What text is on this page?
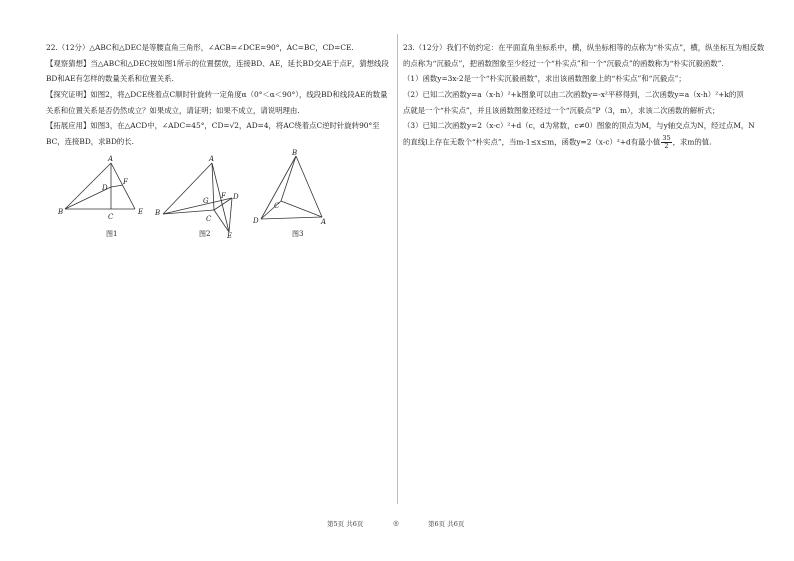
22.（12分）△ABC和△DEC是等腰直角三角形，∠ACB=∠DCE=90°，AC=BC，CD=CE.

【观察猜想】当△ABC和△DEC按如图1所示的位置摆放，连接BD、AE，延长BD交AE于点F，猜想线段

BD和AE有怎样的数量关系和位置关系.

【探究证明】如图2，将△DCE绕着点C顺时针旋转一定角度α（0°＜α＜90°），线段BD和线段AE的数量

关系和位置关系是否仍然成立？如果成立，请证明；如果不成立，请说明理由.

【拓展应用】如图3，在△ACD中，∠ADC=45°，CD=√2，AD=4，将AC绕着点C逆时针旋转90°至

BC，连接BD，求BD的长.

A
B
C
D
E
F
A
B
C
D
E
F
G
B
C
D	A
图1	图2	图3

23.（12分）我们不妨约定：在平面直角坐标系中，横，纵坐标相等的点称为“朴实点”，横，纵坐标互为相反数

的点称为“沉毅点”，把函数图象至少经过一个“朴实点”和一个“沉毅点”的函数称为“朴实沉毅函数”.

（1）函数y=3x-2是一个“朴实沉毅函数”，求出该函数图象上的“朴实点”和“沉毅点”；

（2）已知二次函数y=a（x-h）²+k图象可以由二次函数y=-x²平移得到，二次函数y=a（x-h）²+k的顶

点就是一个“朴实点”，并且该函数图象还经过一个“沉毅点”P（3，m），求该二次函数的解析式；

（3）已知二次函数y=2（x-c）²+d（c，d为常数，c≠0）图象的顶点为M，与y轴交点为N，经过点M，N

的直线l上存在无数个“朴实点”，当m-1≤x≤m，函数y=2（x-c）²+d有最小值 $\frac{35}{2}$ ，求m的值.

第5页 共6页	◎	第6页 共6页
